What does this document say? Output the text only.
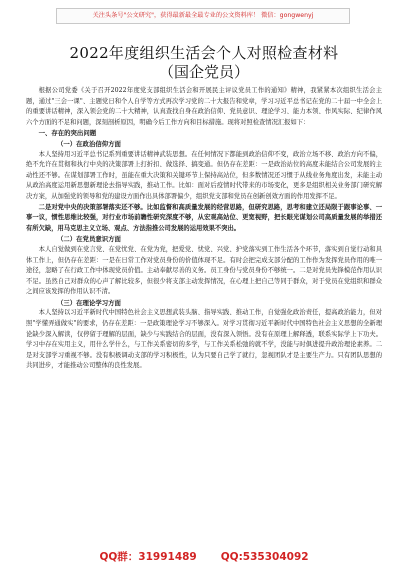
关注头条号"公文研究"，获得最新最全最专业的公文资料库！ 微信：gongwenyj

2022年度组织生活会个人对照检查材料

（国企党员）

根据公司党委《关于召开2022年度党支部组织生活会和开展民主评议党员工作的通知》精神，我紧紧本次组织生活会主题，通过"三会一课"、主题党日和个人自学等方式再次学习党的二十大报告和党章，学习习近平总书记在党的二十届一中全会上的重要讲话精神，深入领会党的二十大精神，认真查找自身在政治信仰、党员意识、理论学习、能力本领、作风实际、纪律作风六个方面的不足和问题，深刻剖析原因，明确今后工作方向和目标措施。现将对照检查情况汇报如下：

一、存在的突出问题

（一）在政治信仰方面

本人坚持用习近平总书记系列重要讲话精神武装思想。在任何情况下都能到政治信仰不变，政治立场不移、政治方向不偏，绝不允许在贯彻和执行中央的决策部署上打折扣、做选择、搞变通。但仍存在差距：一是政治站位的高度未能结合公司发展的主动性还不够。在谋划部署工作时，虽能在重大决策和关键环节上保持高站位，但多数情况还习惯于从线业务角度出发，未能主动从政治高度运用新思想新理论去指导实践，推动工作。比如：面对后疫情时代带来的市场变化，更多是组织相关业务部门研究解决方案，从加强党的领导和党的建设方面作出具体部署偏少，组织党支部和党员在创新创效方面的作用发挥不足。

二是对党中央的决策部署落实还不够。比如监督和高质量发展的经营思路，但研究思路，思考和建立还局限于跟事论事、一事一议，惯性思维比较强，对行业市场前瞻性研究深度不够，从宏观高站位、更宽视野，把长眼光谋划公司高质量发展的举措还有所欠缺，用马克思主义立场、观点、方法指推公司发展的运用效果不突出。

（二）在党员意识方面

本人自觉做到在党言党、在党忧党、在党为党，把爱党、忧党、兴党、护党落实到工作生活各个环节，落实到自觉行动和具体工作上，但仍存在差距：一是在日常工作对党员身份的价值体现不足。有时会把完成支部分配的工作作为发挥党员作用的唯一途径，忽略了在行政工作中体现党员价值。主动奉献尽善的义务。员工身份与党员身份不够统一。二是对党员先锋模范作用认识不足。虽然自己对群众的心声了解比较多，但很少将支部主动发挥情况，在心理上把自己等同于群众，对于党员在党组织和群众之间应该发挥的作用认识不清。

（三）在理论学习方面

本人坚持以习近平新时代中国特色社会主义思想武装头脑、指导实践、推动工作，自觉强化政治责任，提高政治能力，但对照"学懂弄通做实"的要求，仍存在差距：一是政策理论学习不够深入。对学习贯彻习近平新时代中国特色社会主义思想的全新理论缺少深入解读，仅停留于理解的层面，缺少与实践结合的层面，没有深入领悟。没有在原理上解释透，联系实际学上下功夫。学习中存在实用主义，用什么学什么，与工作关系密切的多学，与工作关系松弛的就不学，没能与时俱进提升政治理论素养。二是对支部学习重视不够。没有积极调动支部的学习积极性，认为只要自己学了就行，忽视团队才是主要生产力。只有团队思想的共同进步，才能推动公司整体的良性发展。

QQ群：31991489 QQ:535304092
